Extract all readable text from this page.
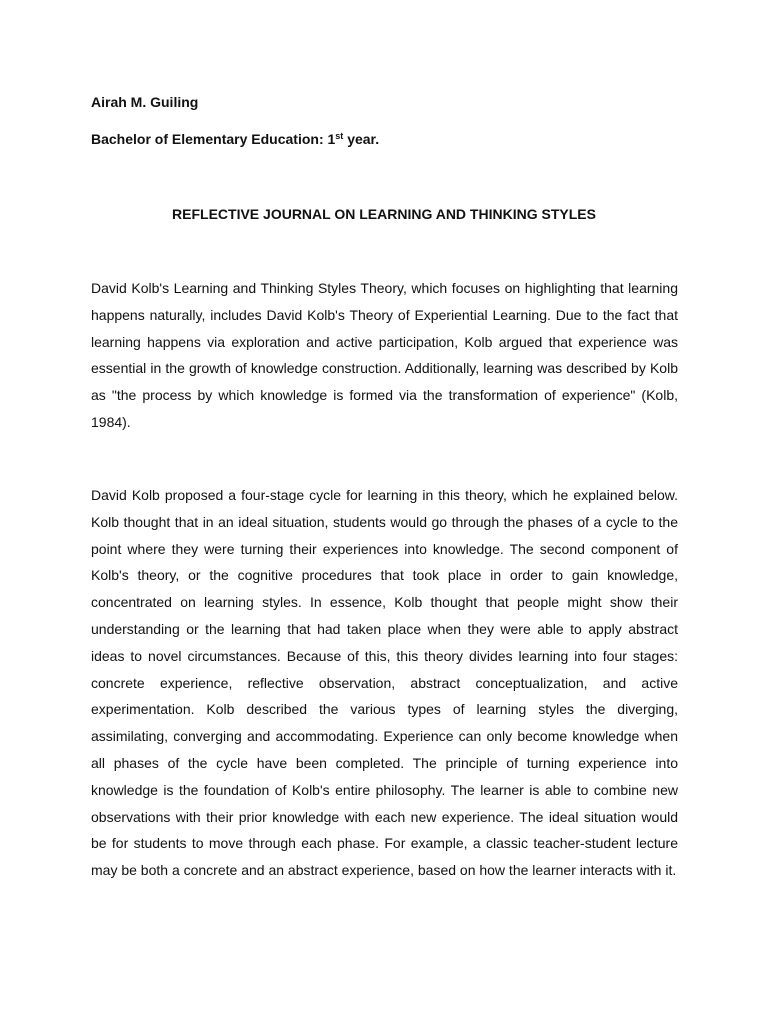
Airah M. Guiling
Bachelor of Elementary Education: 1st year.
REFLECTIVE JOURNAL ON LEARNING AND THINKING STYLES

David Kolb's Learning and Thinking Styles Theory, which focuses on highlighting that learning happens naturally, includes David Kolb's Theory of Experiential Learning. Due to the fact that learning happens via exploration and active participation, Kolb argued that experience was essential in the growth of knowledge construction. Additionally, learning was described by Kolb as "the process by which knowledge is formed via the transformation of experience" (Kolb, 1984).

David Kolb proposed a four-stage cycle for learning in this theory, which he explained below. Kolb thought that in an ideal situation, students would go through the phases of a cycle to the point where they were turning their experiences into knowledge. The second component of Kolb's theory, or the cognitive procedures that took place in order to gain knowledge, concentrated on learning styles. In essence, Kolb thought that people might show their understanding or the learning that had taken place when they were able to apply abstract ideas to novel circumstances. Because of this, this theory divides learning into four stages: concrete experience, reflective observation, abstract conceptualization, and active experimentation. Kolb described the various types of learning styles the diverging, assimilating, converging and accommodating. Experience can only become knowledge when all phases of the cycle have been completed. The principle of turning experience into knowledge is the foundation of Kolb's entire philosophy. The learner is able to combine new observations with their prior knowledge with each new experience. The ideal situation would be for students to move through each phase. For example, a classic teacher-student lecture may be both a concrete and an abstract experience, based on how the learner interacts with it.
